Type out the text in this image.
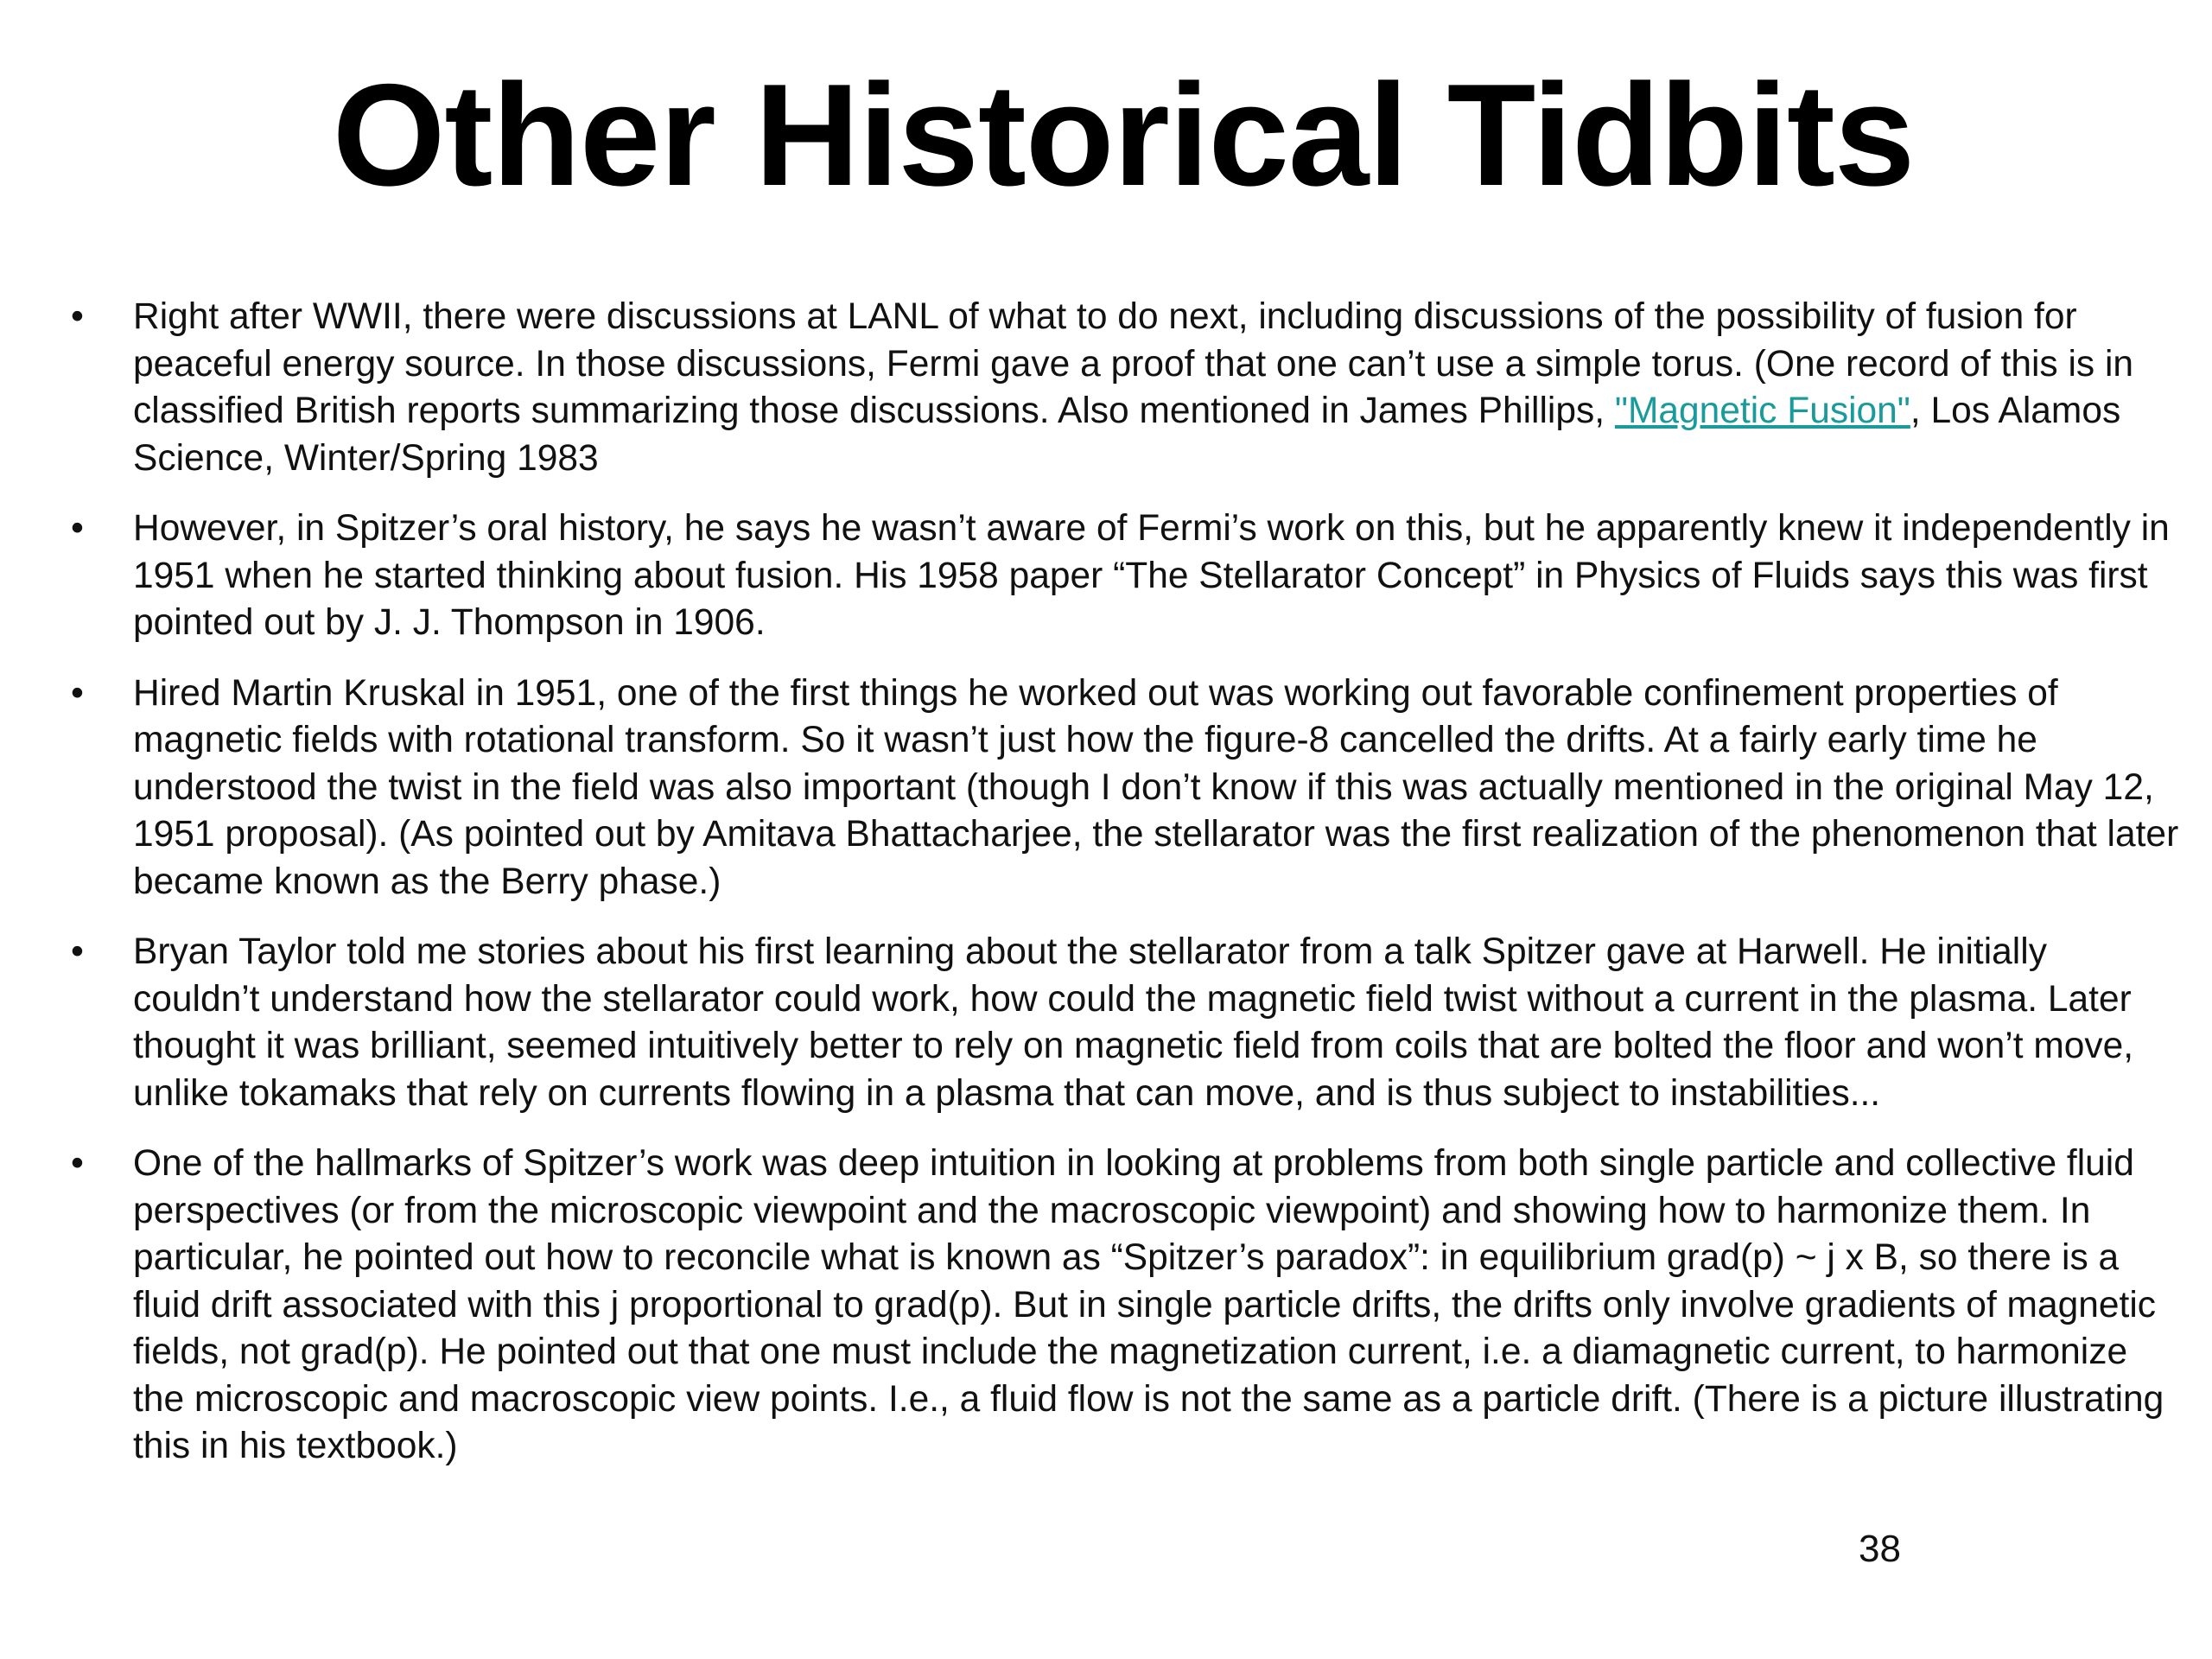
Other Historical Tidbits
•	Right after WWII, there were discussions at LANL of what to do next, including discussions of the possibility of fusion for peaceful energy source. In those discussions, Fermi gave a proof that one can’t use a simple torus. (One record of this is in classified British reports summarizing those discussions. Also mentioned in James Phillips, "Magnetic Fusion", Los Alamos Science, Winter/Spring 1983
•	However, in Spitzer’s oral history, he says he wasn’t aware of Fermi’s work on this, but he apparently knew it independently in 1951 when he started thinking about fusion. His 1958 paper “The Stellarator Concept” in Physics of Fluids says this was first pointed out by J. J. Thompson in 1906.
•	Hired Martin Kruskal in 1951, one of the first things he worked out was working out favorable confinement properties of magnetic fields with rotational transform. So it wasn’t just how the figure-8 cancelled the drifts. At a fairly early time he understood the twist in the field was also important (though I don’t know if this was actually mentioned in the original May 12, 1951 proposal). (As pointed out by Amitava Bhattacharjee, the stellarator was the first realization of the phenomenon that later became known as the Berry phase.)
•	Bryan Taylor told me stories about his first learning about the stellarator from a talk Spitzer gave at Harwell. He initially couldn’t understand how the stellarator could work, how could the magnetic field twist without a current in the plasma. Later thought it was brilliant, seemed intuitively better to rely on magnetic field from coils that are bolted the floor and won’t move, unlike tokamaks that rely on currents flowing in a plasma that can move, and is thus subject to instabilities...
•	One of the hallmarks of Spitzer’s work was deep intuition in looking at problems from both single particle and collective fluid perspectives (or from the microscopic viewpoint and the macroscopic viewpoint) and showing how to harmonize them. In particular, he pointed out how to reconcile what is known as “Spitzer’s paradox”: in equilibrium grad(p) ~ j x B, so there is a fluid drift associated with this j proportional to grad(p). But in single particle drifts, the drifts only involve gradients of magnetic fields, not grad(p). He pointed out that one must include the magnetization current, i.e. a diamagnetic current, to harmonize the microscopic and macroscopic view points. I.e., a fluid flow is not the same as a particle drift. (There is a picture illustrating this in his textbook.)
38
